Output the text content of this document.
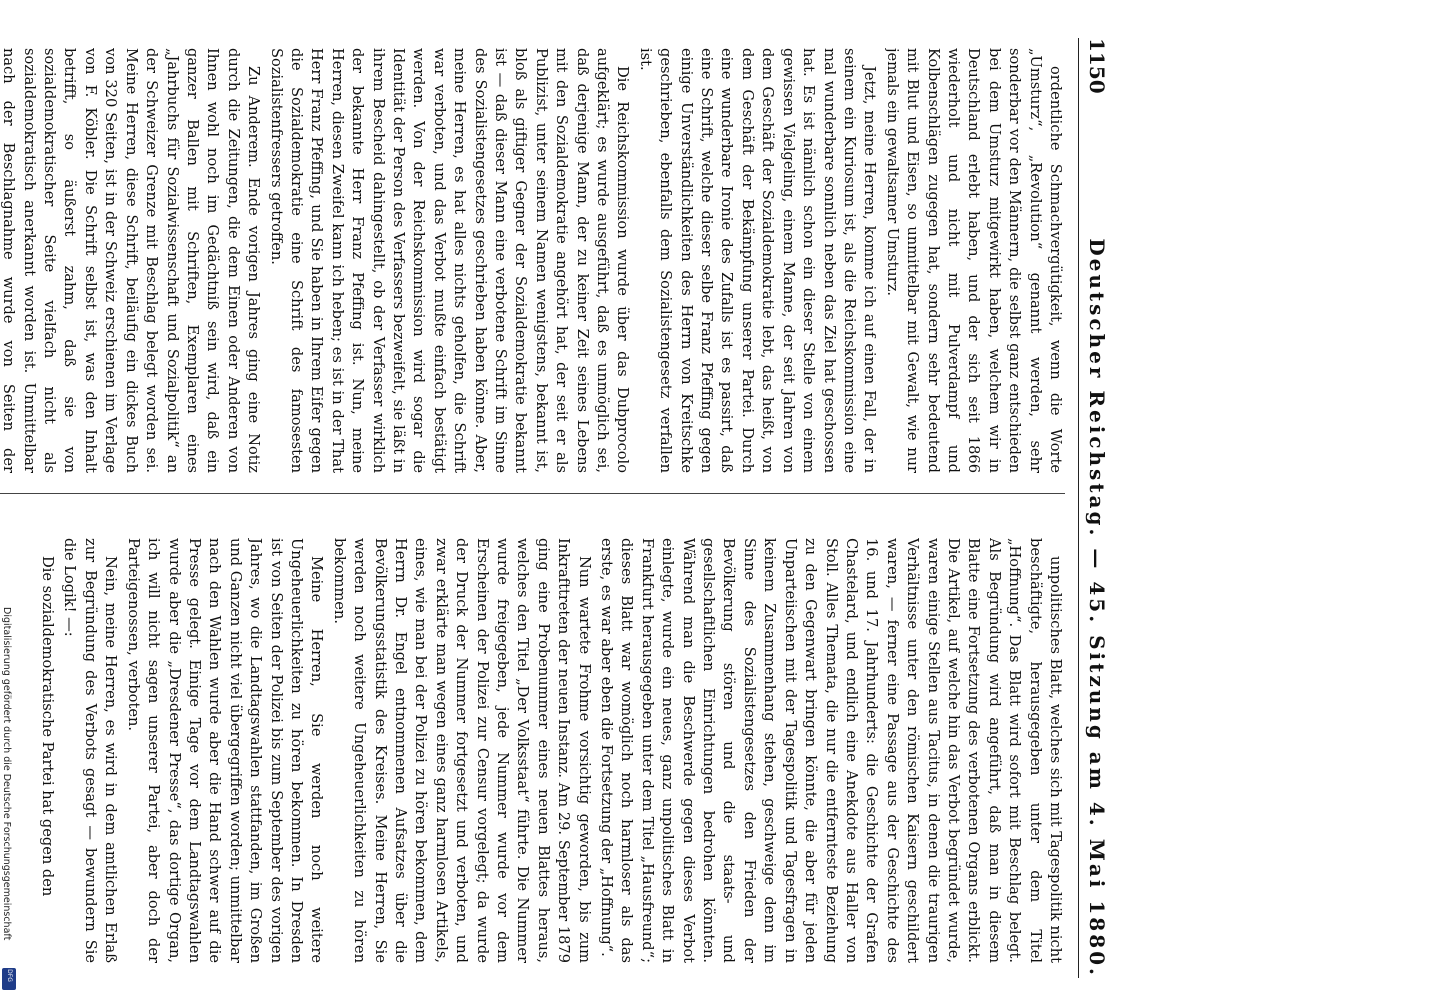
Digitalisierung gefördert durch die Deutsche Forschungsgemeinschaft
DFG
1150
Deutscher Reichstag. — 45. Sitzung am 4. Mai 1880.

ordentliche Schmachvergütigkeit, wenn die Worte „Umsturz“, „Revolution“ genannt werden, sehr sonderbar vor den Männern, die selbst ganz entschieden bei dem Umsturz mitgewirkt haben, welchem wir in Deutschland erlebt haben, und der sich seit 1866 wiederholt und nicht mit Pulverdampf und Kolbenschlägen zugegen hat, sondern sehr bedeutend mit Blut und Eisen, so unmittelbar mit Gewalt, wie nur jemals ein gewaltsamer Umsturz.

Jetzt, meine Herren, komme ich auf einen Fall, der in seinem ein Kuriosum ist, als die Reichskommission eine mal wunderbare sonnlich neben das Ziel hat geschossen hat. Es ist nämlich schon ein dieser Stelle von einem gewissen Vielgeling, einem Manne, der seit Jahren von dem Geschäft der Sozialdemokratie lebt, das heißt, von dem Geschäft der Bekämpfung unserer Partei. Durch eine wunderbare Ironie des Zufalls ist es passirt, daß eine Schrift, welche dieser selbe Franz Pfeffing gegen einige Unverständlichkeiten des Herrn von Kreitschke geschrieben, ebenfalls dem Sozialistengesetz verfallen ist.

Die Reichskommission wurde über das Dubprocolo aufgeklärt; es wurde ausgeführt, daß es unmöglich sei, daß derjenige Mann, der zu keiner Zeit seines Lebens mit den Sozialdemokratie angehört hat, der seit er als Publizist, unter seinem Namen wenigstens, bekannt ist, bloß als giftiger Gegner der Sozialdemokratie bekannt ist — daß dieser Mann eine verbotene Schrift im Sinne des Sozialistengesetzes geschrieben haben könne. Aber, meine Herren, es hat alles nichts geholfen, die Schrift war verboten, und das Verbot mußte einfach bestätigt werden. Von der Reichskommission wird sogar die Identität der Person des Verfassers bezweifelt, sie läßt in ihrem Bescheid dahingestellt, ob der Verfasser wirklich der bekannte Herr Franz Pfeffing ist. Nun, meine Herren, diesen Zweifel kann ich heben; es ist in der That Herr Franz Pfeffing, und Sie haben in Ihrem Eifer gegen die Sozialdemokratie eine Schrift des famosesten Sozialistenfressers getroffen.

Zu Anderem. Ende vorigen Jahres ging eine Notiz durch die Zeitungen, die dem Einen oder Anderen von Ihnen wohl noch im Gedächtniß sein wird, daß ein ganzer Ballen mit Schriften, Exemplaren eines „Jahrbuchs für Sozialwissenschaft und Sozialpolitik“ an der Schweizer Grenze mit Beschlag belegt worden sei. Meine Herren, diese Schrift, beiläufig ein dickes Buch von 320 Seiten, ist in der Schweiz erschienen im Verlage von F. Köbler. Die Schrift selbst ist, was den Inhalt betrifft, so äußerst zahm, daß sie von sozialdemokratischer Seite vielfach nicht als sozialdemokratisch anerkannt worden ist. Unmittelbar nach der Beschlagnahme wurde von Seiten der

unpolitisches Blatt, welches sich mit Tagespolitik nicht beschäftigte, herausgegeben unter dem Titel „Hoffnung“. Das Blatt wird sofort mit Beschlag belegt. Als Begründung wird angeführt, daß man in diesem Blatte eine Fortsetzung des verbotenen Organs erblickt. Die Artikel, auf welche hin das Verbot begründet wurde, waren einige Stellen aus Tacitus, in denen die traurigen Verhältnisse unter den römischen Kaisern geschildert waren, — ferner eine Passage aus der Geschichte des 16. und 17. Jahrhunderts: die Geschichte der Grafen Chastelard, und endlich eine Anekdote aus Haller von Stoll. Alles Themata, die nur die entfernteste Beziehung zu den Gegenwart bringen könnte, die aber für jeden Unparteiischen mit der Tagespolitik und Tagesfragen in keinem Zusammenhang stehen, geschweige denn im Sinne des Sozialistengesetzes den Frieden der Bevölkerung stören und die staats- und gesellschaftlichen Einrichtungen bedrohen könnten. Während man die Beschwerde gegen dieses Verbot einlegte, wurde ein neues, ganz unpolitisches Blatt in Frankfurt herausgegeben unter dem Titel „Hausfreund“; dieses Blatt war womöglich noch harmloser als das erste, es war aber eben die Fortsetzung der „Hoffnung“.

Nun wartete Frohme vorsichtig geworden, bis zum Inkrafttreten der neuen Instanz. Am 29. September 1879 ging eine Probenummer eines neuen Blattes heraus, welches den Titel „Der Volksstaat“ führte. Die Nummer wurde freigegeben, jede Nummer wurde vor dem Erscheinen der Polizei zur Censur vorgelegt; da wurde der Druck der Nummer fortgesetzt und verboten, und zwar erklärte man wegen eines ganz harmlosen Artikels, eines, wie man bei der Polizei zu hören bekommen, dem Herrn Dr. Engel entnommenen Aufsatzes über die Bevölkerungsstatistik des Kreises. Meine Herren, Sie werden noch weitere Ungeheuerlichkeiten zu hören bekommen.

Meine Herren, Sie werden noch weitere Ungeheuerlichkeiten zu hören bekommen. In Dresden ist von Seiten der Polizei bis zum September des vorigen Jahres, wo die Landtagswahlen stattfanden, im Großen und Ganzen nicht viel übergegriffen worden; unmittelbar nach den Wahlen wurde aber die Hand schwer auf die Presse gelegt. Einige Tage vor dem Landtagswahlen wurde aber die „Dresdener Presse“, das dortige Organ, ich will nicht sagen unserer Partei, aber doch der Parteigenossen, verboten.

Nein, meine Herren, es wird in dem amtlichen Erlaß zur Begründung des Verbots gesagt — bewundern Sie die Logik! —:

Die sozialdemokratische Partei hat gegen den
